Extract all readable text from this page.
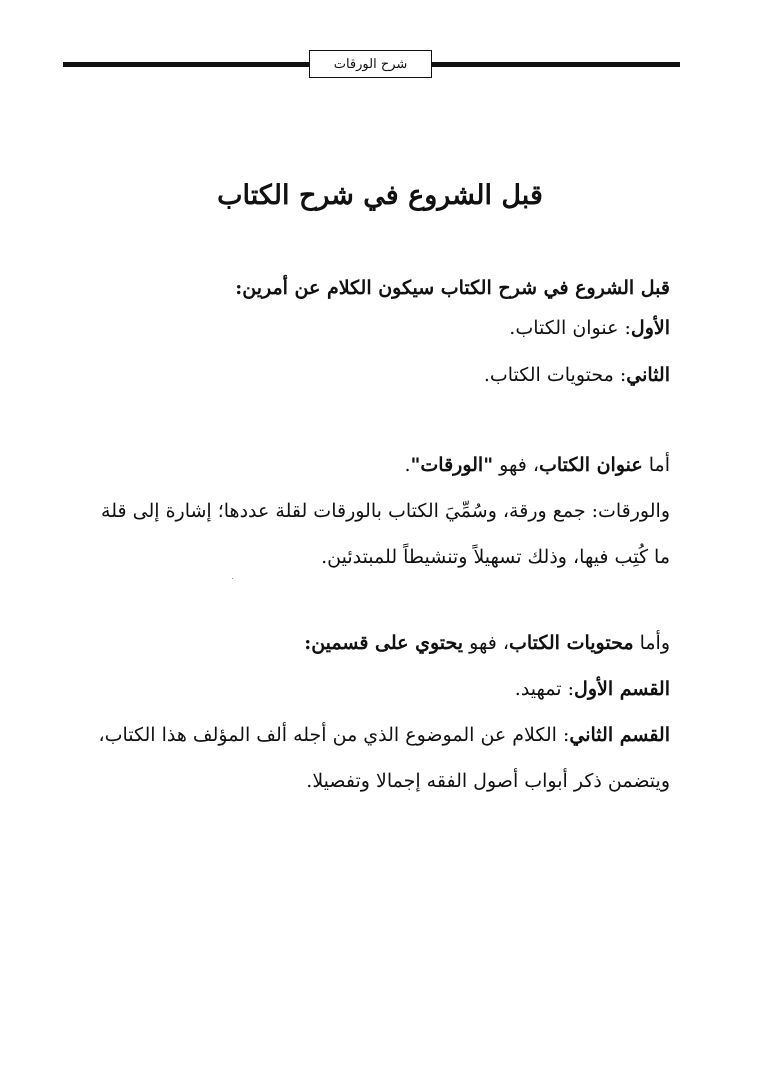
شرح الورقات
قبل الشروع في شرح الكتاب
قبل الشروع في شرح الكتاب سيكون الكلام عن أمرين:
الأول: عنوان الكتاب.
الثاني: محتويات الكتاب.
أما عنوان الكتاب، فهو "الورقات".
والورقات: جمع ورقة، وسُمِّيَ الكتاب بالورقات لقلة عددها؛ إشارة إلى قلة
ما كُتِب فيها، وذلك تسهيلاً وتنشيطاً للمبتدئين.
وأما محتويات الكتاب، فهو يحتوي على قسمين:
القسم الأول: تمهيد.
القسم الثاني: الكلام عن الموضوع الذي من أجله ألف المؤلف هذا الكتاب،
ويتضمن ذكر أبواب أصول الفقه إجمالا وتفصيلا.
